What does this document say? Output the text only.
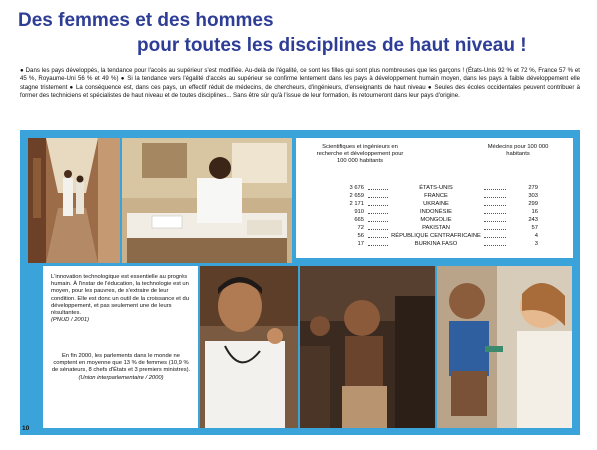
Des femmes et des hommes
pour toutes les disciplines de haut niveau !
● Dans les pays développés, la tendance pour l'accès au supérieur s'est modifiée. Au-delà de l'égalité, ce sont les filles qui sont plus nombreuses que les garçons ! (États-Unis 92 % et 72 %, France 57 % et 45 %, Royaume-Uni 56 % et 49 %) ● Si la tendance vers l'égalité d'accès au supérieur se confirme lentement dans les pays à développement humain moyen, dans les pays à faible développement elle stagne tristement ● La conséquence est, dans ces pays, un effectif réduit de médecins, de chercheurs, d'ingénieurs, d'enseignants de haut niveau ● Seules des écoles occidentales peuvent contribuer à former des techniciens et spécialistes de haut niveau et de toutes disciplines... Sans être sûr qu'à l'issue de leur formation, ils retourneront dans leur pays d'origine.
Scientifiques et ingénieurs en recherche et développement pour 100 000 habitants
Médecins pour 100 000 habitants
3 676	ÉTATS-UNIS	279
2 659	FRANCE	303
2 171	UKRAINE	299
910	INDONÉSIE	16
665	MONGOLIE	243
72	PAKISTAN	57
56	RÉPUBLIQUE CENTRAFRICAINE	4
17	BURKINA FASO	3
L'innovation technologique est essentielle au progrès humain. À l'instar de l'éducation, la technologie est un moyen, pour les pauvres, de s'extraire de leur condition. Elle est donc un outil de la croissance et du développement, et pas seulement une de leurs résultantes.
(PNUD / 2001)
En fin 2000, les parlements dans le monde ne comptent en moyenne que 13 % de femmes (10,9 % de sénateurs, 8 chefs d'États et 3 premiers ministres).
(Union interparlementaire / 2000)
10
